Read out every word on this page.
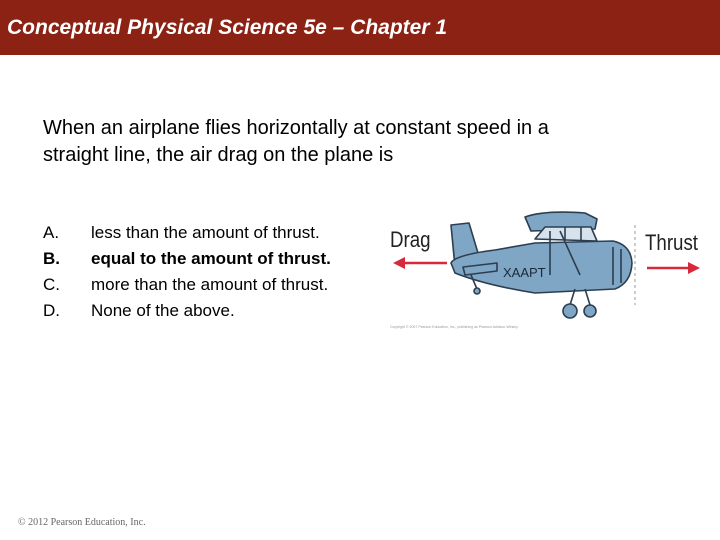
Conceptual Physical Science 5e – Chapter 1
When an airplane flies horizontally at constant speed in a
straight line, the air drag on the plane is
A. less than the amount of thrust.
B. equal to the amount of thrust.
C. more than the amount of thrust.
D. None of the above.
XAAPT
Drag	Thrust
Copyright © 2007 Pearson Education, Inc., publishing as Pearson Addison-Wesley.
© 2012 Pearson Education, Inc.
